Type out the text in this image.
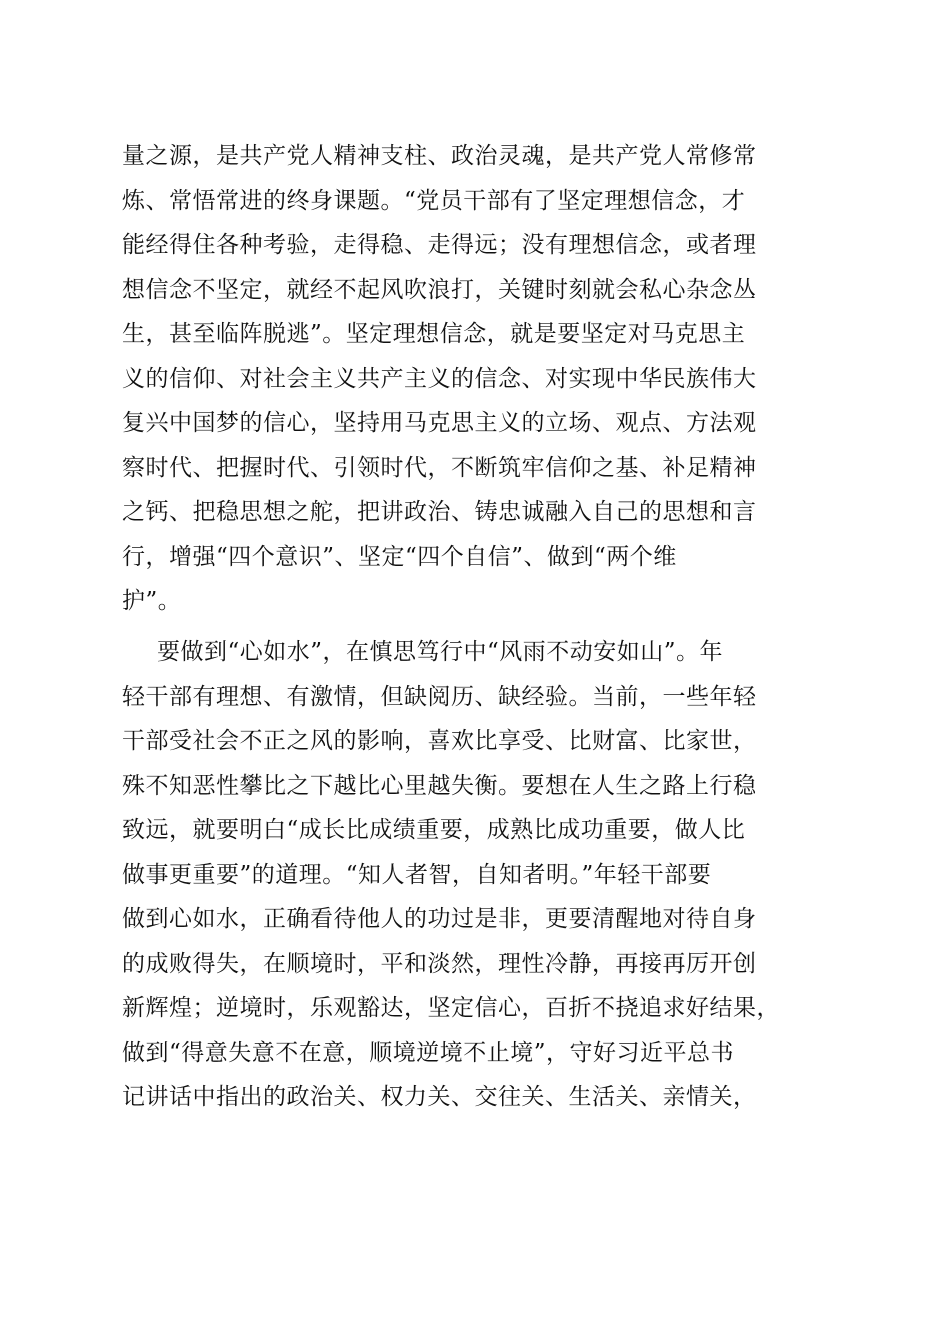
量之源，是共产党人精神支柱、政治灵魂，是共产党人常修常
炼、常悟常进的终身课题。“党员干部有了坚定理想信念，才
能经得住各种考验，走得稳、走得远；没有理想信念，或者理
想信念不坚定，就经不起风吹浪打，关键时刻就会私心杂念丛
生，甚至临阵脱逃”。坚定理想信念，就是要坚定对马克思主
义的信仰、对社会主义共产主义的信念、对实现中华民族伟大
复兴中国梦的信心，坚持用马克思主义的立场、观点、方法观
察时代、把握时代、引领时代，不断筑牢信仰之基、补足精神
之钙、把稳思想之舵，把讲政治、铸忠诚融入自己的思想和言
行，增强“四个意识”、坚定“四个自信”、做到“两个维
护”。
要做到“心如水”，在慎思笃行中“风雨不动安如山”。年
轻干部有理想、有激情，但缺阅历、缺经验。当前，一些年轻
干部受社会不正之风的影响，喜欢比享受、比财富、比家世，
殊不知恶性攀比之下越比心里越失衡。要想在人生之路上行稳
致远，就要明白“成长比成绩重要，成熟比成功重要，做人比
做事更重要”的道理。“知人者智，自知者明。”年轻干部要
做到心如水，正确看待他人的功过是非，更要清醒地对待自身
的成败得失，在顺境时，平和淡然，理性冷静，再接再厉开创
新辉煌；逆境时，乐观豁达，坚定信心，百折不挠追求好结果，
做到“得意失意不在意，顺境逆境不止境”，守好习近平总书
记讲话中指出的政治关、权力关、交往关、生活关、亲情关，
